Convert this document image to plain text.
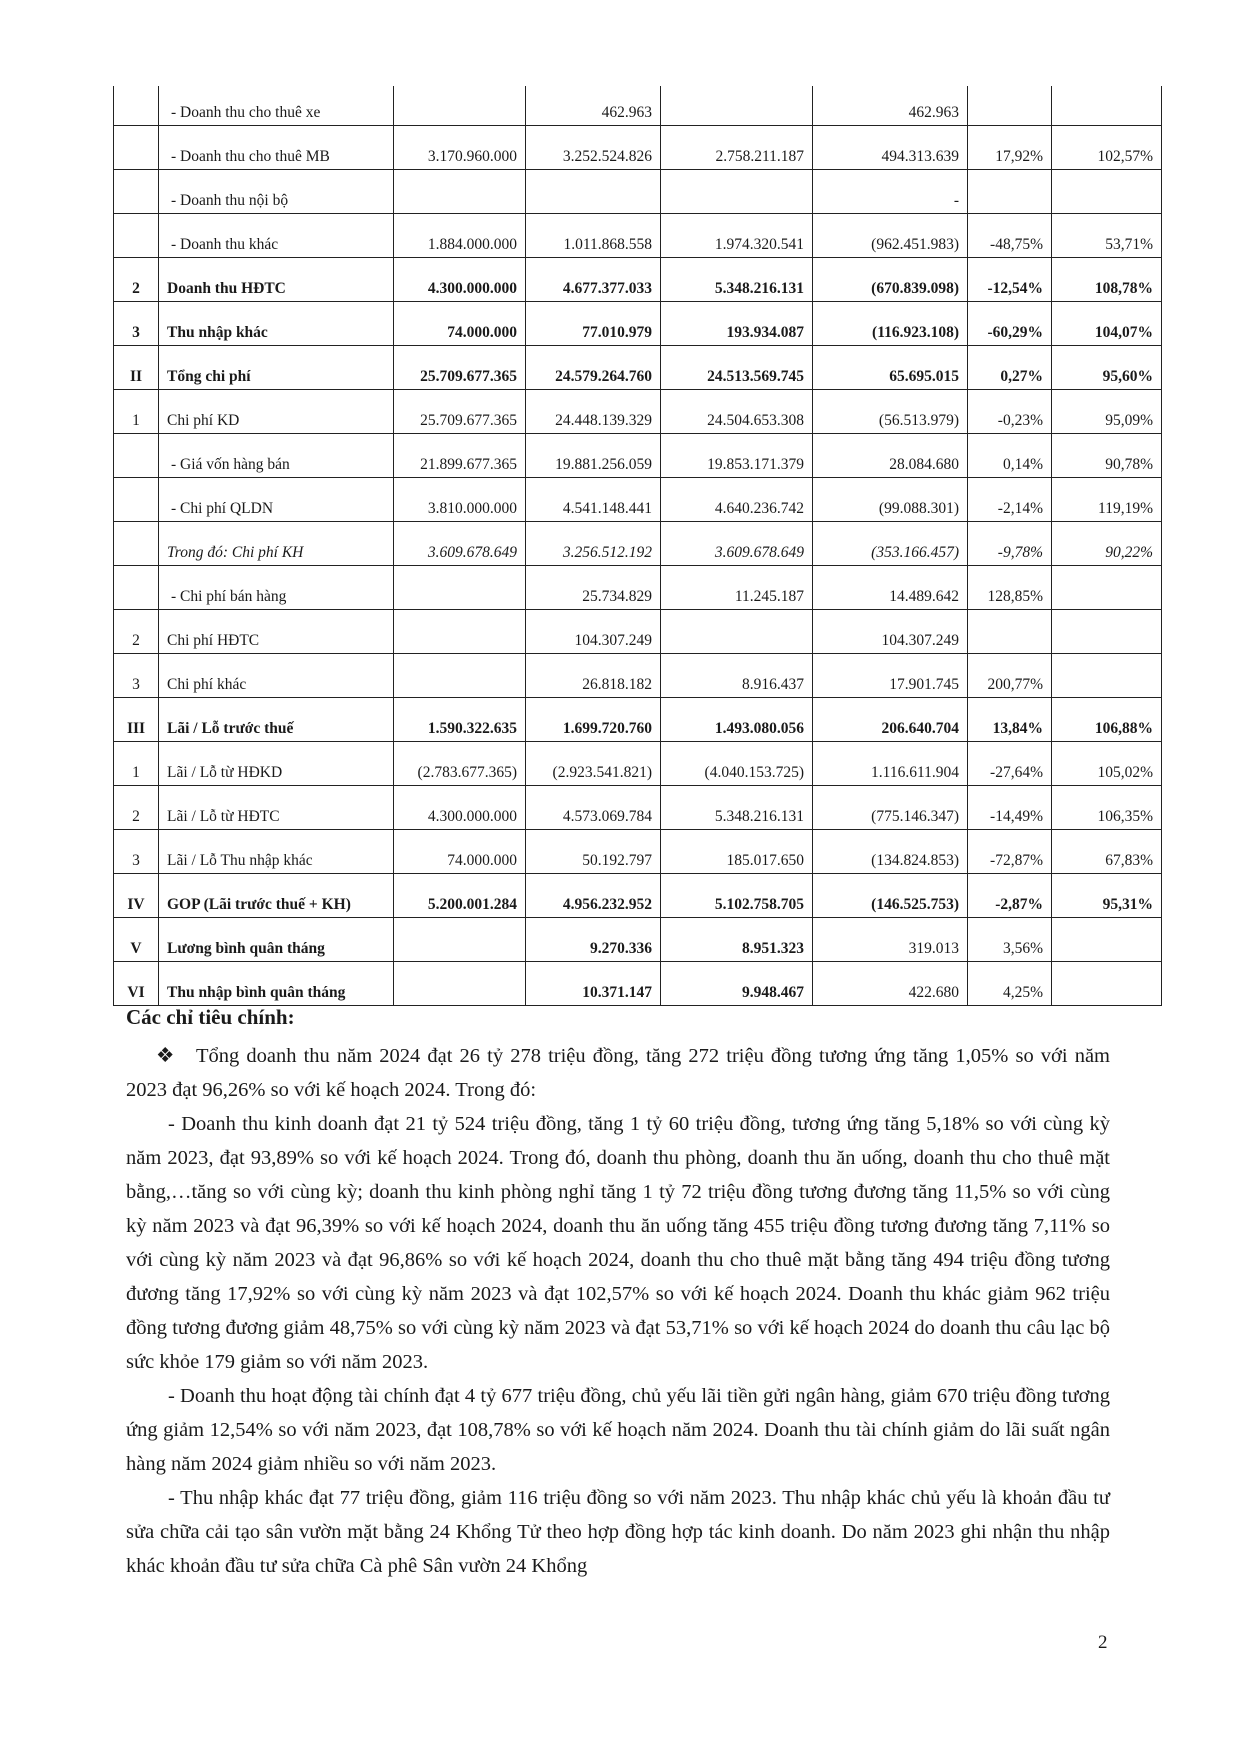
	- Doanh thu cho thuê xe		462.963		462.963		
	- Doanh thu cho thuê MB	3.170.960.000	3.252.524.826	2.758.211.187	494.313.639	17,92%	102,57%
	- Doanh thu nội bộ				-		
	- Doanh thu khác	1.884.000.000	1.011.868.558	1.974.320.541	(962.451.983)	-48,75%	53,71%
2	Doanh thu HĐTC	4.300.000.000	4.677.377.033	5.348.216.131	(670.839.098)	-12,54%	108,78%
3	Thu nhập khác	74.000.000	77.010.979	193.934.087	(116.923.108)	-60,29%	104,07%
II	Tổng chi phí	25.709.677.365	24.579.264.760	24.513.569.745	65.695.015	0,27%	95,60%
1	Chi phí KD	25.709.677.365	24.448.139.329	24.504.653.308	(56.513.979)	-0,23%	95,09%
	- Giá vốn hàng bán	21.899.677.365	19.881.256.059	19.853.171.379	28.084.680	0,14%	90,78%
	- Chi phí QLDN	3.810.000.000	4.541.148.441	4.640.236.742	(99.088.301)	-2,14%	119,19%
	Trong đó: Chi phí KH	3.609.678.649	3.256.512.192	3.609.678.649	(353.166.457)	-9,78%	90,22%
	- Chi phí bán hàng		25.734.829	11.245.187	14.489.642	128,85%	
2	Chi phí HĐTC		104.307.249		104.307.249		
3	Chi phí khác		26.818.182	8.916.437	17.901.745	200,77%	
III	Lãi / Lỗ trước thuế	1.590.322.635	1.699.720.760	1.493.080.056	206.640.704	13,84%	106,88%
1	Lãi / Lỗ từ HĐKD	(2.783.677.365)	(2.923.541.821)	(4.040.153.725)	1.116.611.904	-27,64%	105,02%
2	Lãi / Lỗ từ HĐTC	4.300.000.000	4.573.069.784	5.348.216.131	(775.146.347)	-14,49%	106,35%
3	Lãi / Lỗ Thu nhập khác	74.000.000	50.192.797	185.017.650	(134.824.853)	-72,87%	67,83%
IV	GOP (Lãi trước thuế + KH)	5.200.001.284	4.956.232.952	5.102.758.705	(146.525.753)	-2,87%	95,31%
V	Lương bình quân tháng		9.270.336	8.951.323	319.013	3,56%	
VI	Thu nhập bình quân tháng		10.371.147	9.948.467	422.680	4,25%	

Các chỉ tiêu chính:

❖ Tổng doanh thu năm 2024 đạt 26 tỷ 278 triệu đồng, tăng 272 triệu đồng tương ứng tăng 1,05% so với năm 2023 đạt 96,26% so với kế hoạch 2024. Trong đó:

- Doanh thu kinh doanh đạt 21 tỷ 524 triệu đồng, tăng 1 tỷ 60 triệu đồng, tương ứng tăng 5,18% so với cùng kỳ năm 2023, đạt 93,89% so với kế hoạch 2024. Trong đó, doanh thu phòng, doanh thu ăn uống, doanh thu cho thuê mặt bằng,…tăng so với cùng kỳ; doanh thu kinh phòng nghỉ tăng 1 tỷ 72 triệu đồng tương đương tăng 11,5% so với cùng kỳ năm 2023 và đạt 96,39% so với kế hoạch 2024, doanh thu ăn uống tăng 455 triệu đồng tương đương tăng 7,11% so với cùng kỳ năm 2023 và đạt 96,86% so với kế hoạch 2024, doanh thu cho thuê mặt bằng tăng 494 triệu đồng tương đương tăng 17,92% so với cùng kỳ năm 2023 và đạt 102,57% so với kế hoạch 2024. Doanh thu khác giảm 962 triệu đồng tương đương giảm 48,75% so với cùng kỳ năm 2023 và đạt 53,71% so với kế hoạch 2024 do doanh thu câu lạc bộ sức khỏe 179 giảm so với năm 2023.

- Doanh thu hoạt động tài chính đạt 4 tỷ 677 triệu đồng, chủ yếu lãi tiền gửi ngân hàng, giảm 670 triệu đồng tương ứng giảm 12,54% so với năm 2023, đạt 108,78% so với kế hoạch năm 2024. Doanh thu tài chính giảm do lãi suất ngân hàng năm 2024 giảm nhiều so với năm 2023.

- Thu nhập khác đạt 77 triệu đồng, giảm 116 triệu đồng so với năm 2023. Thu nhập khác chủ yếu là khoản đầu tư sửa chữa cải tạo sân vườn mặt bằng 24 Khổng Tử theo hợp đồng hợp tác kinh doanh. Do năm 2023 ghi nhận thu nhập khác khoản đầu tư sửa chữa Cà phê Sân vườn 24 Khổng

2
